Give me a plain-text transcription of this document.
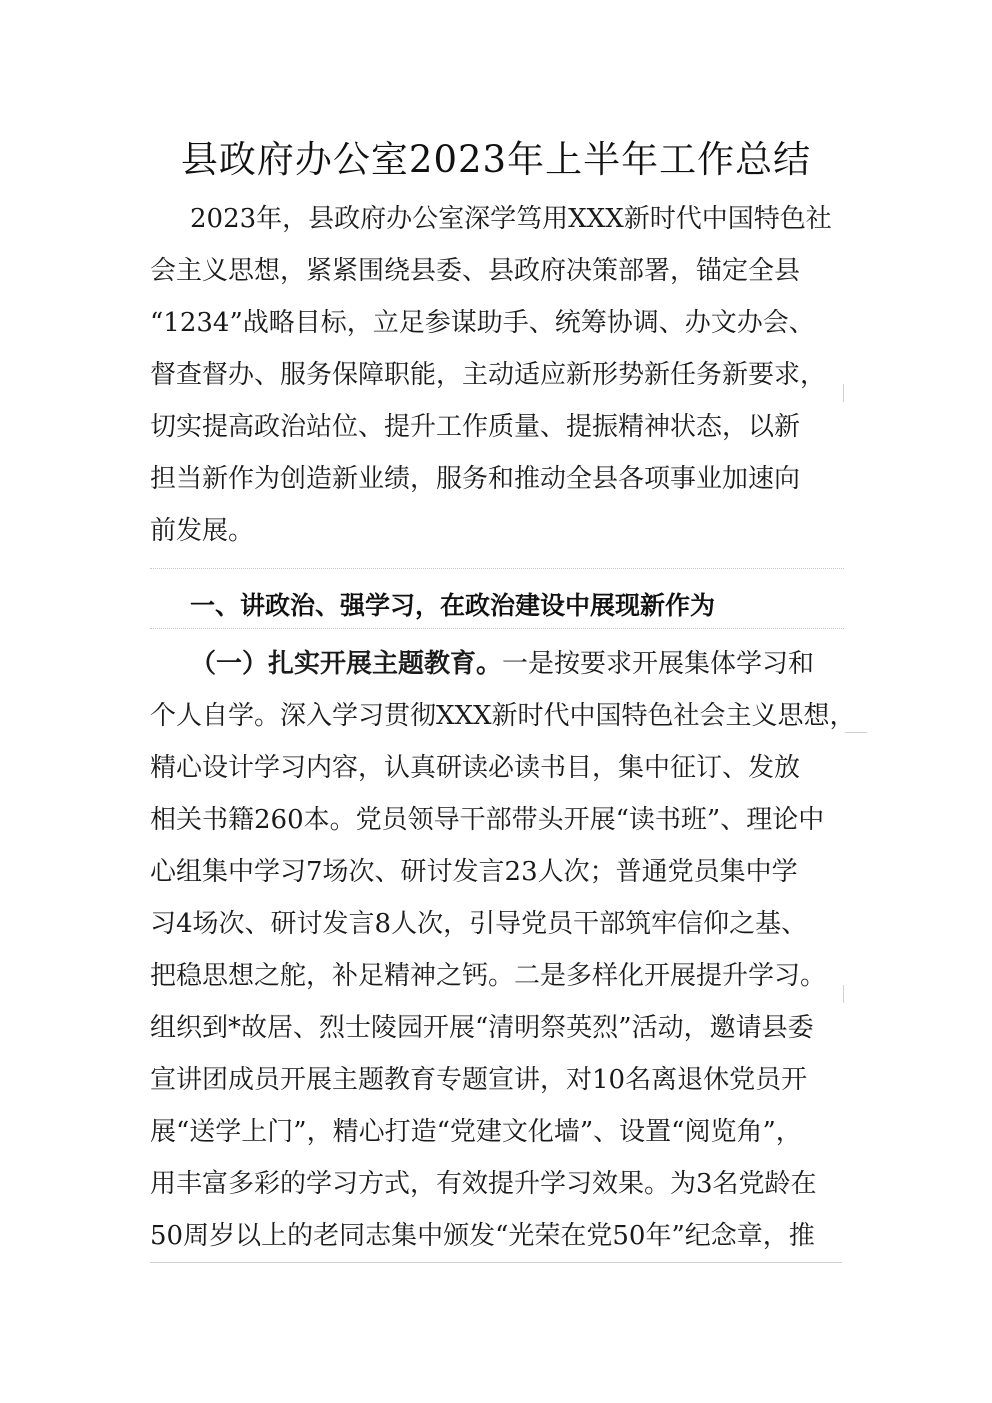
县政府办公室2023年上半年工作总结
2023年，县政府办公室深学笃用XXX新时代中国特色社
会主义思想，紧紧围绕县委、县政府决策部署，锚定全县
“1234”战略目标，立足参谋助手、统筹协调、办文办会、
督查督办、服务保障职能，主动适应新形势新任务新要求，
切实提高政治站位、提升工作质量、提振精神状态，以新
担当新作为创造新业绩，服务和推动全县各项事业加速向
前发展。
一、讲政治、强学习，在政治建设中展现新作为
（一）扎实开展主题教育。一是按要求开展集体学习和
个人自学。深入学习贯彻XXX新时代中国特色社会主义思想，
精心设计学习内容，认真研读必读书目，集中征订、发放
相关书籍260本。党员领导干部带头开展“读书班”、理论中
心组集中学习7场次、研讨发言23人次；普通党员集中学
习4场次、研讨发言8人次，引导党员干部筑牢信仰之基、
把稳思想之舵，补足精神之钙。二是多样化开展提升学习。
组织到*故居、烈士陵园开展“清明祭英烈”活动，邀请县委
宣讲团成员开展主题教育专题宣讲，对10名离退休党员开
展“送学上门”，精心打造“党建文化墙”、设置“阅览角”，
用丰富多彩的学习方式，有效提升学习效果。为3名党龄在
50周岁以上的老同志集中颁发“光荣在党50年”纪念章，推
